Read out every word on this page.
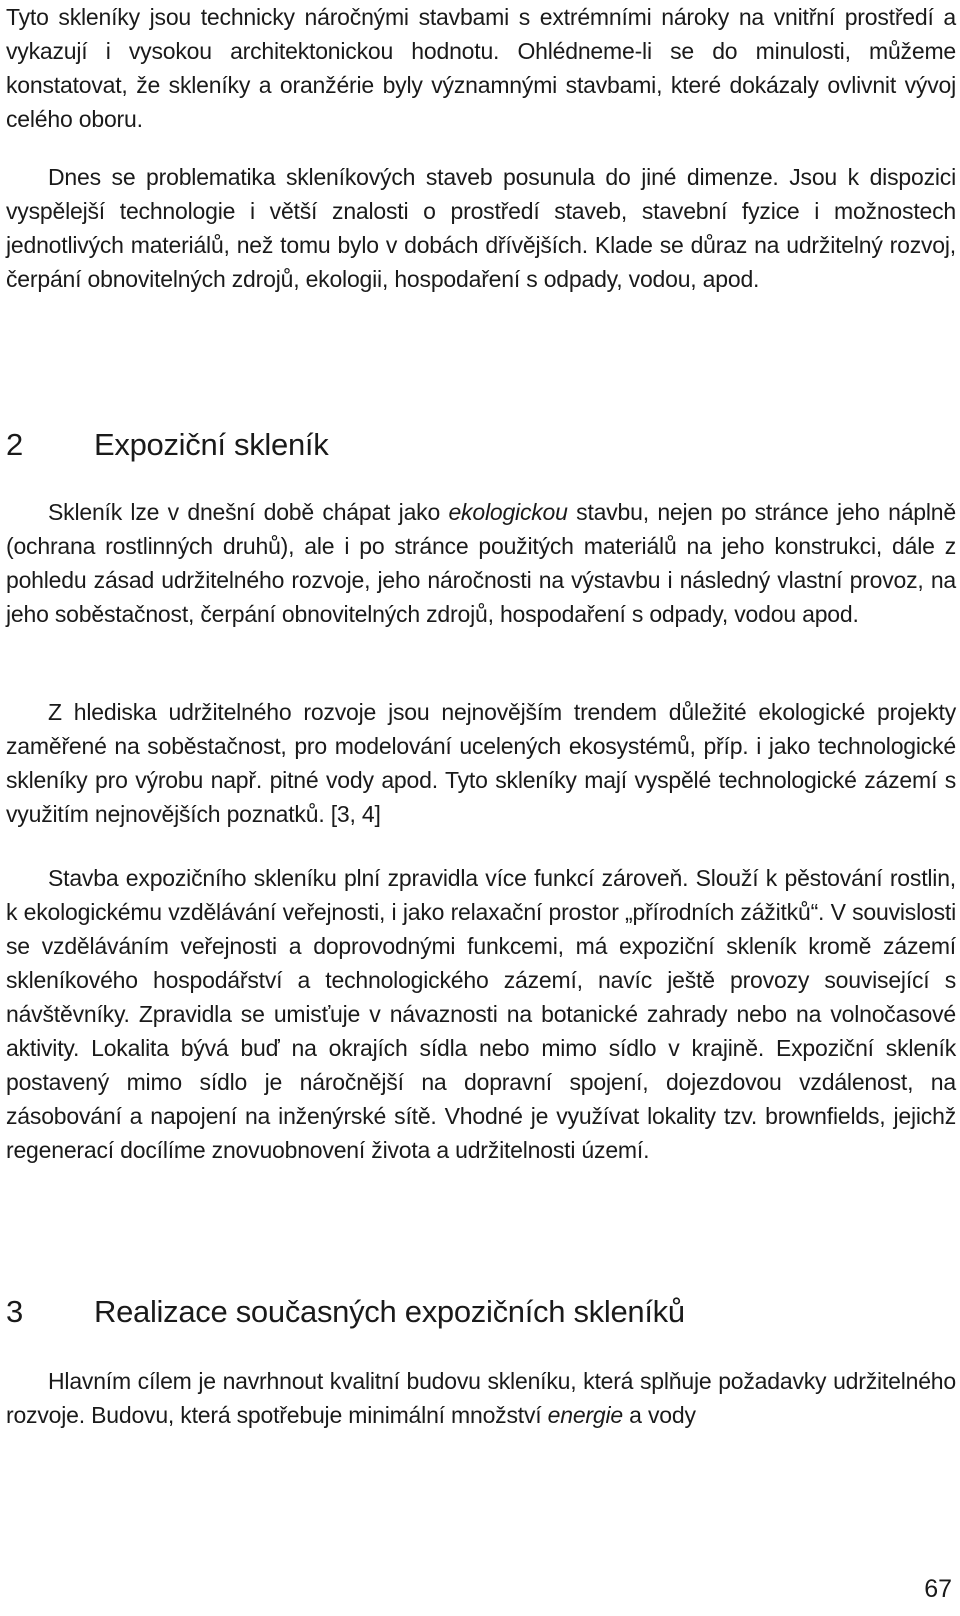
Tyto skleníky jsou technicky náročnými stavbami s extrémními nároky na vnitřní prostředí a vykazují i vysokou architektonickou hodnotu. Ohlédneme-li se do minulosti, můžeme konstatovat, že skleníky a oranžérie byly významnými stavbami, které dokázaly ovlivnit vývoj celého oboru.

Dnes se problematika skleníkových staveb posunula do jiné dimenze. Jsou k dispozici vyspělejší technologie i větší znalosti o prostředí staveb, stavební fyzice i možnostech jednotlivých materiálů, než tomu bylo v dobách dřívějších. Klade se důraz na udržitelný rozvoj, čerpání obnovitelných zdrojů, ekologii, hospodaření s odpady, vodou, apod.

2 Expoziční skleník

Skleník lze v dnešní době chápat jako ekologickou stavbu, nejen po stránce jeho náplně (ochrana rostlinných druhů), ale i po stránce použitých materiálů na jeho konstrukci, dále z pohledu zásad udržitelného rozvoje, jeho náročnosti na výstavbu i následný vlastní provoz, na jeho soběstačnost, čerpání obnovitelných zdrojů, hospodaření s odpady, vodou apod.

Z hlediska udržitelného rozvoje jsou nejnovějším trendem důležité ekologické projekty zaměřené na soběstačnost, pro modelování ucelených ekosystémů, příp. i jako technologické skleníky pro výrobu např. pitné vody apod. Tyto skleníky mají vyspělé technologické zázemí s využitím nejnovějších poznatků. [3, 4]

Stavba expozičního skleníku plní zpravidla více funkcí zároveň. Slouží k pěstování rostlin, k ekologickému vzdělávání veřejnosti, i jako relaxační prostor „přírodních zážitků“. V souvislosti se vzděláváním veřejnosti a doprovodnými funkcemi, má expoziční skleník kromě zázemí skleníkového hospodářství a technologického zázemí, navíc ještě provozy související s návštěvníky. Zpravidla se umisťuje v návaznosti na botanické zahrady nebo na volnočasové aktivity. Lokalita bývá buď na okrajích sídla nebo mimo sídlo v krajině. Expoziční skleník postavený mimo sídlo je náročnější na dopravní spojení, dojezdovou vzdálenost, na zásobování a napojení na inženýrské sítě. Vhodné je využívat lokality tzv. brownfields, jejichž regenerací docílíme znovuobnovení života a udržitelnosti území.

3 Realizace současných expozičních skleníků

Hlavním cílem je navrhnout kvalitní budovu skleníku, která splňuje požadavky udržitelného rozvoje. Budovu, která spotřebuje minimální množství energie a vody

67
